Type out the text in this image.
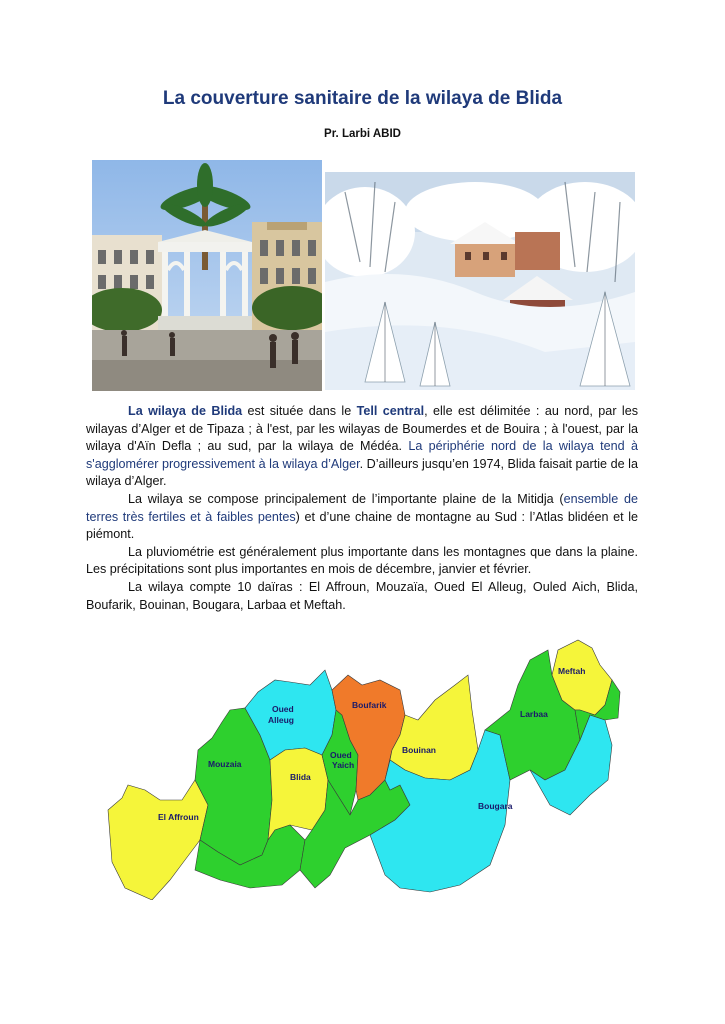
La couverture sanitaire de la wilaya de Blida
Pr. Larbi ABID

La wilaya de Blida est située dans le Tell central, elle est délimitée : au nord, par les wilayas d’Alger et de Tipaza ; à l'est, par les wilayas de Boumerdes et de Bouira ; à l'ouest, par la wilaya d'Aïn Defla ; au sud, par la wilaya de Médéa. La périphérie nord de la wilaya tend à s'agglomérer progressivement à la wilaya d’Alger. D’ailleurs jusqu’en 1974, Blida faisait partie de la wilaya d’Alger.

La wilaya se compose principalement de l’importante plaine de la Mitidja (ensemble de terres très fertiles et à faibles pentes) et d’une chaine de montagne au Sud : l’Atlas blidéen et le piémont.

La pluviométrie est généralement plus importante dans les montagnes que dans la plaine. Les précipitations sont plus importantes en mois de décembre, janvier et février.

La wilaya compte 10 daïras : El Affroun, Mouzaïa, Oued El Alleug, Ouled Aich, Blida, Boufarik, Bouinan, Bougara, Larbaa et Meftah.

Oued
Alleug
Boufarik
Oued
Yaich
Bouinan
Mouzaia
Blida
El Affroun
Bougara
Larbaa
Meftah
